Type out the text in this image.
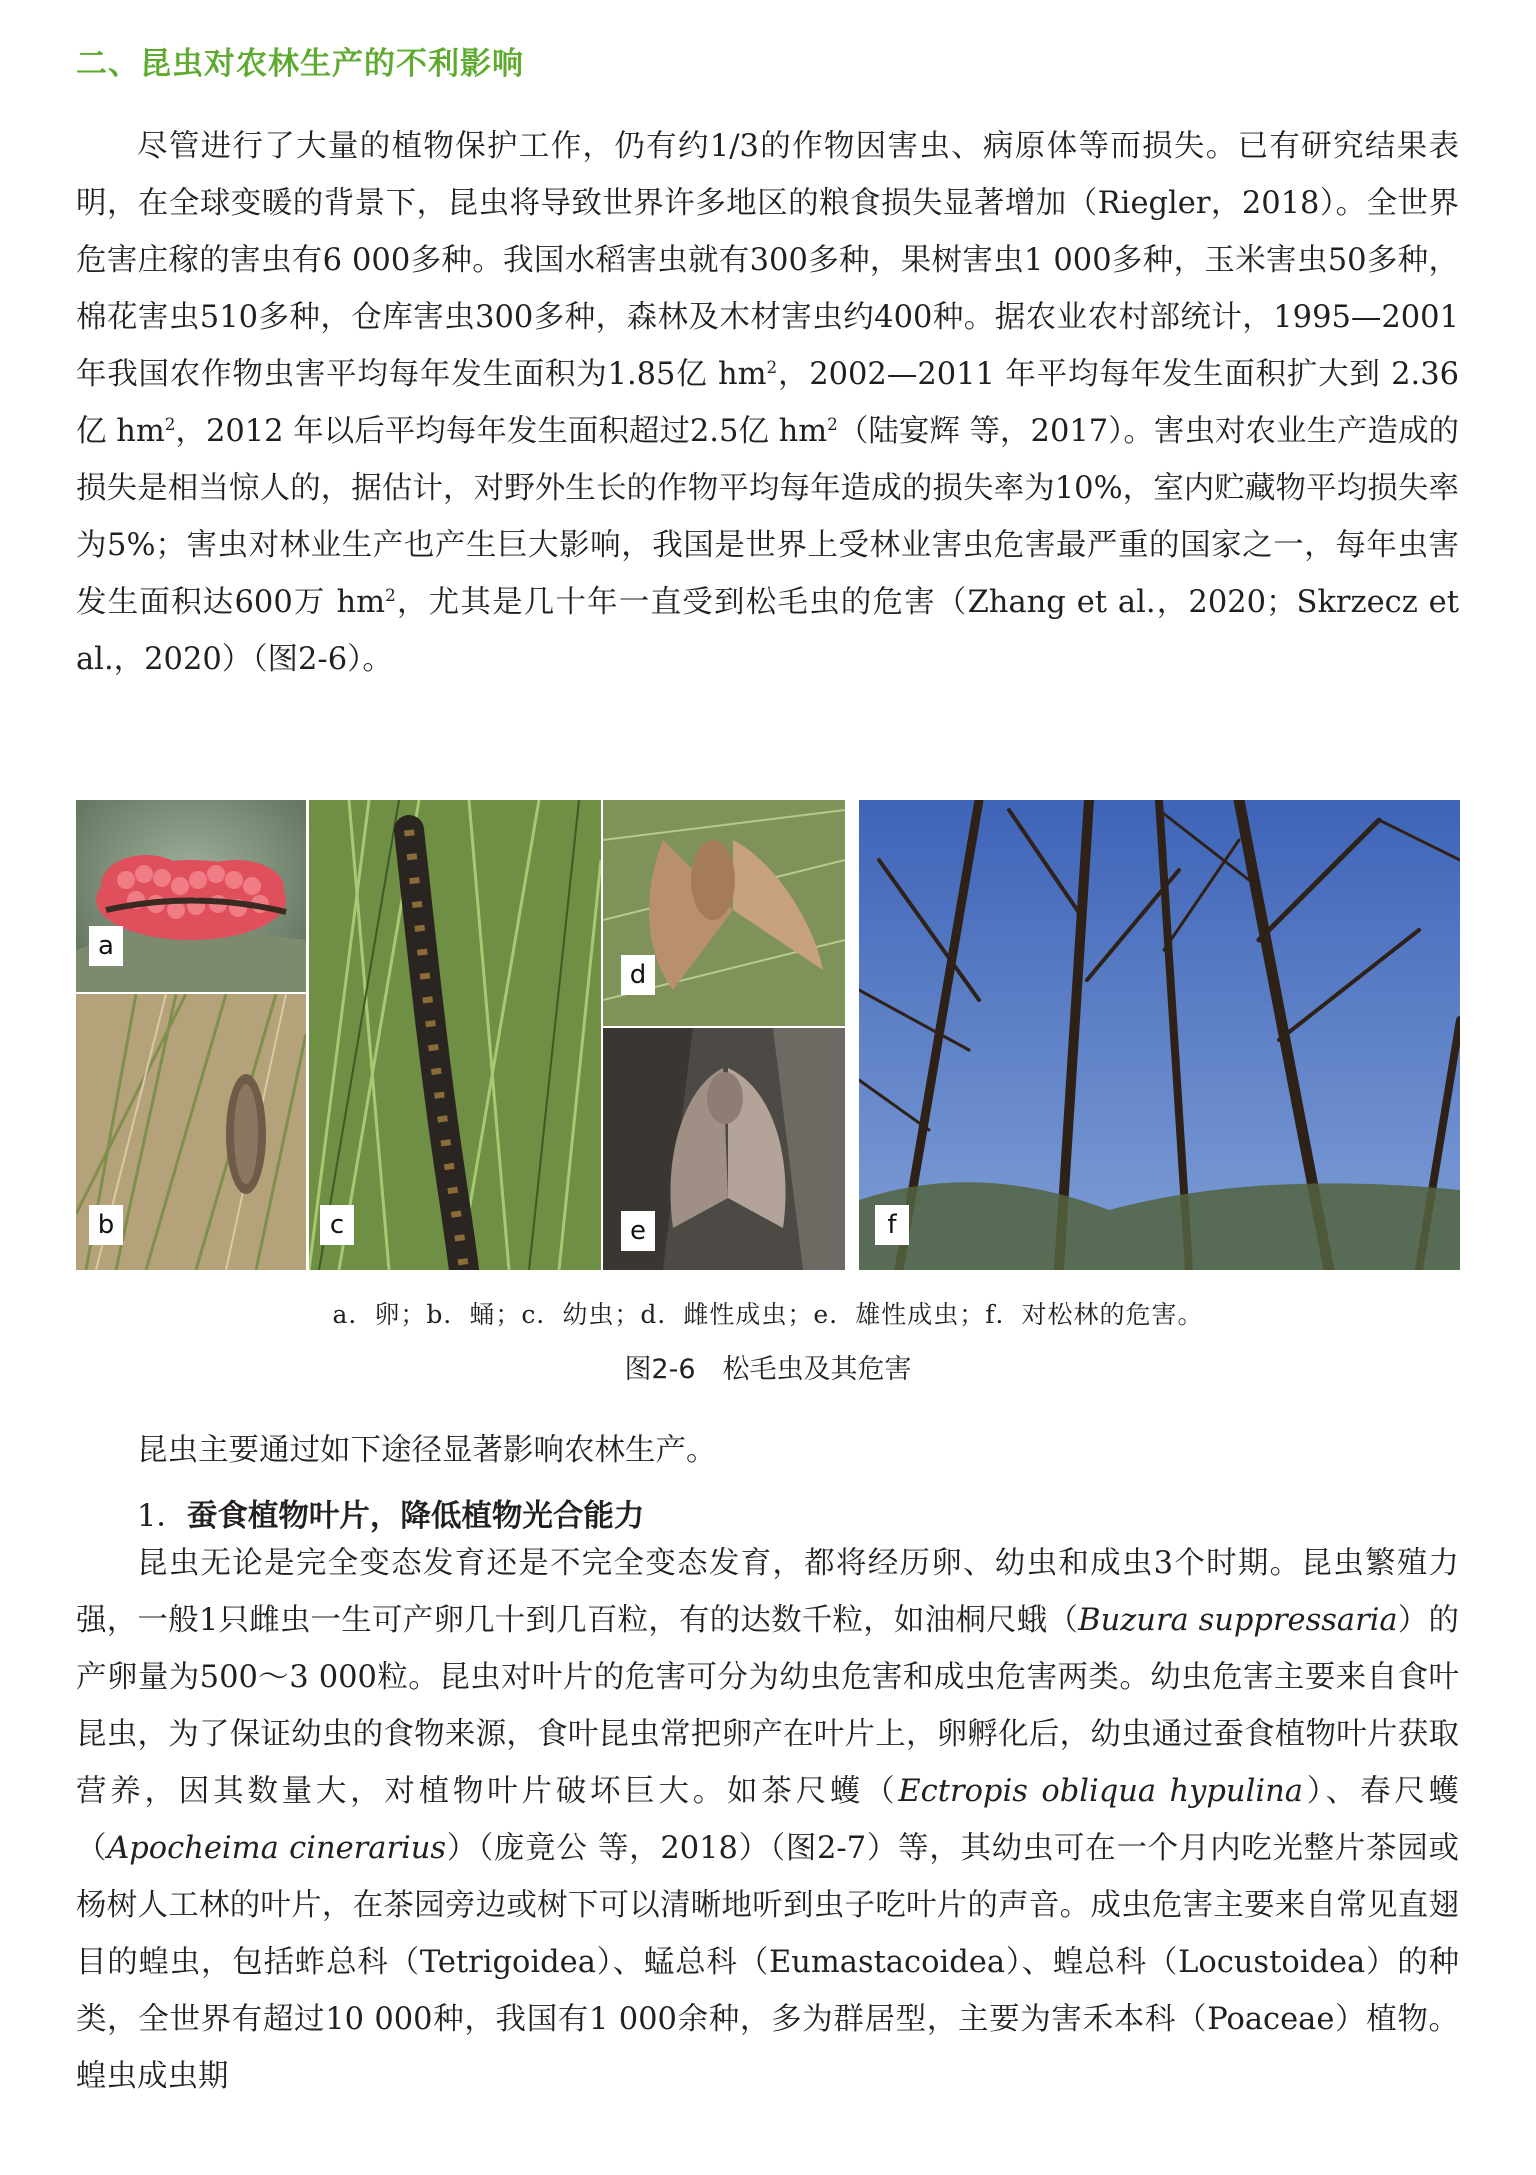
二、昆虫对农林生产的不利影响

尽管进行了大量的植物保护工作，仍有约1/3的作物因害虫、病原体等而损失。已有研究结果表明，在全球变暖的背景下，昆虫将导致世界许多地区的粮食损失显著增加（Riegler，2018）。全世界危害庄稼的害虫有6 000多种。我国水稻害虫就有300多种，果树害虫1 000多种，玉米害虫50多种，棉花害虫510多种，仓库害虫300多种，森林及木材害虫约400种。据农业农村部统计，1995—2001年我国农作物虫害平均每年发生面积为1.85亿 $hm^2$，2002—2011 年平均每年发生面积扩大到 2.36亿 $hm^2$，2012 年以后平均每年发生面积超过2.5亿 $hm^2$（陆宴辉 等，2017）。害虫对农业生产造成的损失是相当惊人的，据估计，对野外生长的作物平均每年造成的损失率为10%，室内贮藏物平均损失率为5%；害虫对林业生产也产生巨大影响，我国是世界上受林业害虫危害最严重的国家之一，每年虫害发生面积达600万 $hm^2$，尤其是几十年一直受到松毛虫的危害（Zhang et al.，2020；Skrzecz et al.，2020）（图2-6）。

a
b	c
d
e	f

a．卵；b．蛹；c．幼虫；d．雌性成虫；e．雄性成虫；f．对松林的危害。

图2-6　松毛虫及其危害

昆虫主要通过如下途径显著影响农林生产。

1．蚕食植物叶片，降低植物光合能力

昆虫无论是完全变态发育还是不完全变态发育，都将经历卵、幼虫和成虫3个时期。昆虫繁殖力强，一般1只雌虫一生可产卵几十到几百粒，有的达数千粒，如油桐尺蛾（Buzura suppressaria）的产卵量为500～3 000粒。昆虫对叶片的危害可分为幼虫危害和成虫危害两类。幼虫危害主要来自食叶昆虫，为了保证幼虫的食物来源，食叶昆虫常把卵产在叶片上，卵孵化后，幼虫通过蚕食植物叶片获取营养，因其数量大，对植物叶片破坏巨大。如茶尺蠖（Ectropis obliqua hypulina）、春尺蠖（Apocheima cinerarius）（庞竟公 等，2018）（图2-7）等，其幼虫可在一个月内吃光整片茶园或杨树人工林的叶片，在茶园旁边或树下可以清晰地听到虫子吃叶片的声音。成虫危害主要来自常见直翅目的蝗虫，包括蚱总科（Tetrigoidea）、蜢总科（Eumastacoidea）、蝗总科（Locustoidea）的种类，全世界有超过10 000种，我国有1 000余种，多为群居型，主要为害禾本科（Poaceae）植物。蝗虫成虫期
